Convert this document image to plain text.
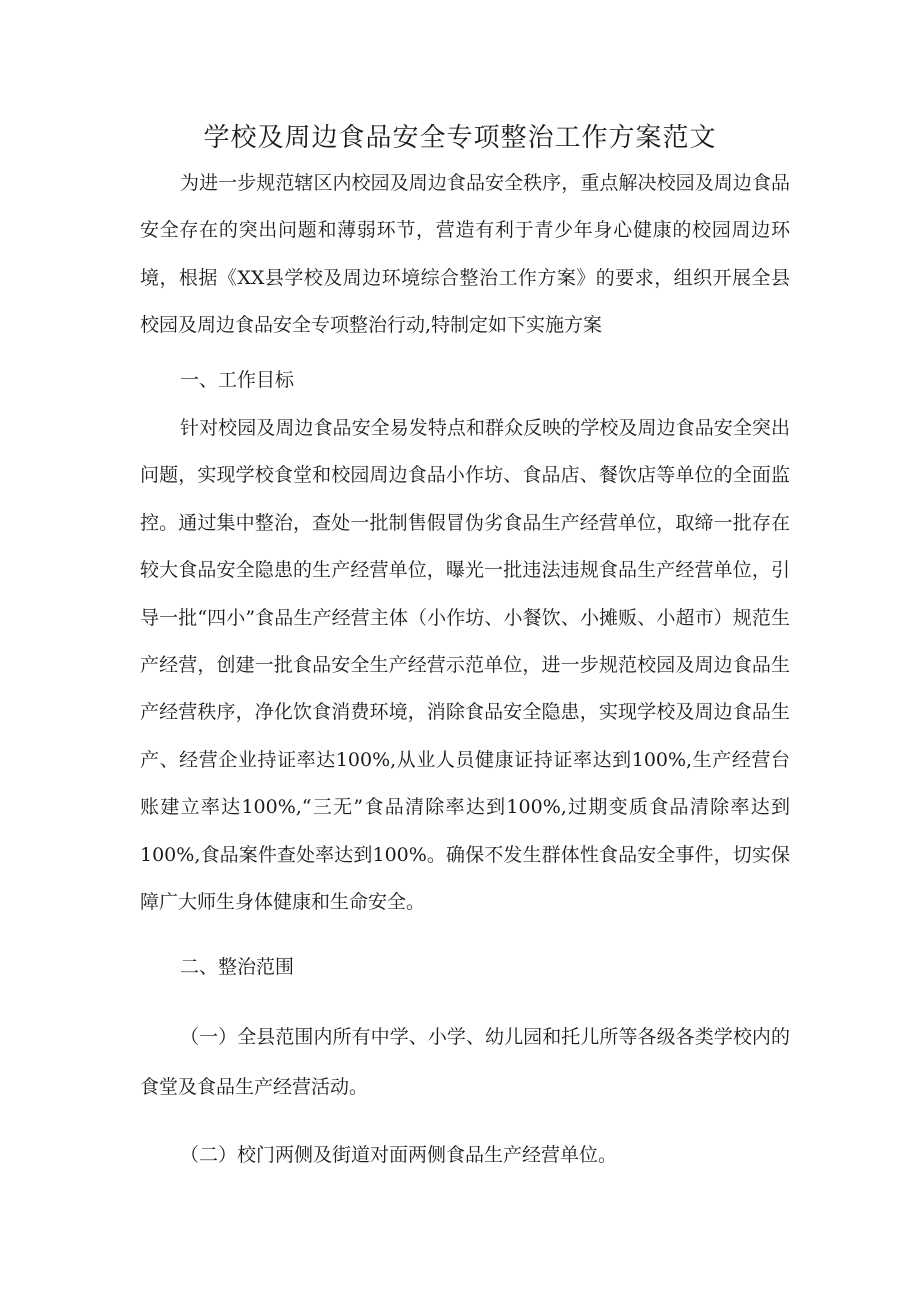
学校及周边食品安全专项整治工作方案范文

为进一步规范辖区内校园及周边食品安全秩序，重点解决校园及周边食品安全存在的突出问题和薄弱环节，营造有利于青少年身心健康的校园周边环境，根据《XX县学校及周边环境综合整治工作方案》的要求，组织开展全县校园及周边食品安全专项整治行动,特制定如下实施方案

一、工作目标

针对校园及周边食品安全易发特点和群众反映的学校及周边食品安全突出问题，实现学校食堂和校园周边食品小作坊、食品店、餐饮店等单位的全面监控。通过集中整治，查处一批制售假冒伪劣食品生产经营单位，取缔一批存在较大食品安全隐患的生产经营单位，曝光一批违法违规食品生产经营单位，引导一批“四小”食品生产经营主体（小作坊、小餐饮、小摊贩、小超市）规范生产经营，创建一批食品安全生产经营示范单位，进一步规范校园及周边食品生产经营秩序，净化饮食消费环境，消除食品安全隐患，实现学校及周边食品生产、经营企业持证率达100%,从业人员健康证持证率达到100%,生产经营台账建立率达100%,“三无”食品清除率达到100%,过期变质食品清除率达到100%,食品案件查处率达到100%。确保不发生群体性食品安全事件，切实保障广大师生身体健康和生命安全。

二、整治范围

（一）全县范围内所有中学、小学、幼儿园和托儿所等各级各类学校内的食堂及食品生产经营活动。

（二）校门两侧及街道对面两侧食品生产经营单位。
